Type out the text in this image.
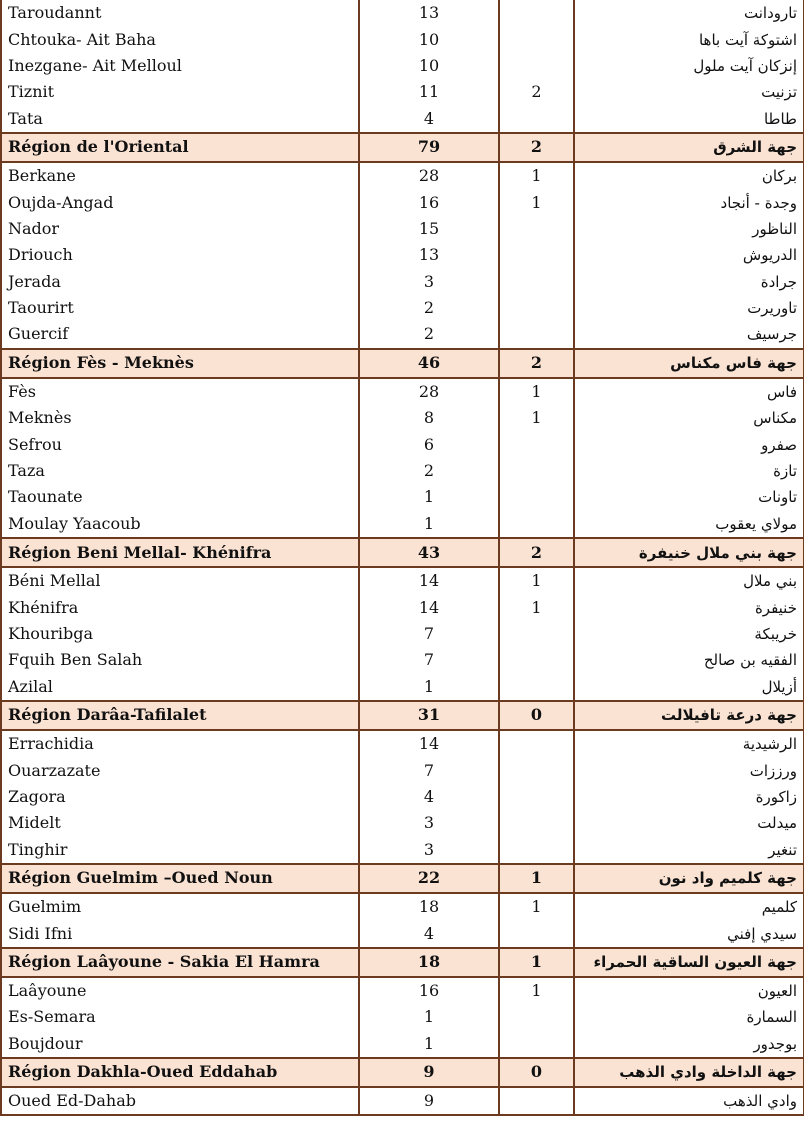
Taroudannt	13		تارودانت
Chtouka- Ait Baha	10		اشتوكة آيت باها
Inezgane- Ait Melloul	10		إنزكان آيت ملول
Tiznit	11	2	تزنيت
Tata	4		طاطا
Région de l'Oriental	79	2	جهة الشرق
Berkane	28	1	بركان
Oujda-Angad	16	1	وجدة - أنجاد
Nador	15		الناظور
Driouch	13		الدريوش
Jerada	3		جرادة
Taourirt	2		تاوريرت
Guercif	2		جرسيف
Région Fès - Meknès	46	2	جهة فاس مكناس
Fès	28	1	فاس
Meknès	8	1	مكناس
Sefrou	6		صفرو
Taza	2		تازة
Taounate	1		تاونات
Moulay Yaacoub	1		مولاي يعقوب
Région Beni Mellal- Khénifra	43	2	جهة بني ملال خنيفرة
Béni Mellal	14	1	بني ملال
Khénifra	14	1	خنيفرة
Khouribga	7		خريبكة
Fquih Ben Salah	7		الفقيه بن صالح
Azilal	1		أزيلال
Région Darâa-Tafilalet	31	0	جهة درعة تافيلالت
Errachidia	14		الرشيدية
Ouarzazate	7		ورززات
Zagora	4		زاكورة
Midelt	3		ميدلت
Tinghir	3		تنغير
Région Guelmim –Oued Noun	22	1	جهة كلميم واد نون
Guelmim	18	1	كلميم
Sidi Ifni	4		سيدي إفني
Région Laâyoune - Sakia El Hamra	18	1	جهة العيون الساقية الحمراء
Laâyoune	16	1	العيون
Es-Semara	1		السمارة
Boujdour	1		بوجدور
Région Dakhla-Oued Eddahab	9	0	جهة الداخلة وادي الذهب
Oued Ed-Dahab	9		وادي الذهب
